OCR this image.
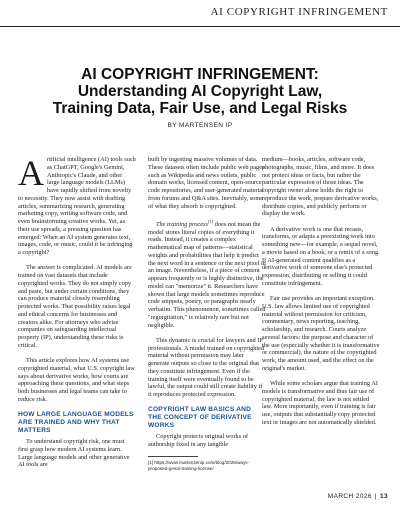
AI COPYRIGHT INFRINGEMENT
AI COPYRIGHT INFRINGEMENT:
Understanding AI Copyright Law,
Training Data, Fair Use, and Legal Risks
BY MARTENSEN IP

A rtificial intelligence (AI) tools such as ChatGPT, Google's Gemini, Anthropic's Claude, and other large language models (LLMs) have rapidly shifted from novelty to necessity. They now assist with drafting articles, summarizing research, generating marketing copy, writing software code, and even brainstorming creative works. Yet, as their use spreads, a pressing question has emerged: When an AI system generates text, images, code, or music, could it be infringing a copyright?

The answer is complicated. AI models are trained on vast datasets that include copyrighted works. They do not simply copy and paste, but under certain conditions, they can produce material closely resembling protected works. That possibility raises legal and ethical concerns for businesses and creators alike. For attorneys who advise companies on safeguarding intellectual property (IP), understanding these risks is critical.

This article explores how AI systems use copyrighted material, what U.S. copyright law says about derivative works, how courts are approaching these questions, and what steps both businesses and legal teams can take to reduce risk.

HOW LARGE LANGUAGE MODELS ARE TRAINED AND WHY THAT MATTERS

To understand copyright risk, one must first grasp how modern AI systems learn. Large language models and other generative AI tools are

built by ingesting massive volumes of data. These datasets often include public web pages such as Wikipedia and news outlets, public domain works, licensed content, open-source code repositories, and user-generated material from forums and Q&A sites. Inevitably, some of what they absorb is copyrighted.

The training process[1] does not mean the model stores literal copies of everything it reads. Instead, it creates a complex mathematical map of patterns—statistical weights and probabilities that help it predict the next word in a sentence or the next pixel in an image. Nevertheless, if a piece of content appears frequently or is highly distinctive, the model can "memorize" it. Researchers have shown that large models sometimes reproduce code snippets, poetry, or paragraphs nearly verbatim. This phenomenon, sometimes called "regurgitation," is relatively rare but not negligible.

This dynamic is crucial for lawyers and IP professionals. A model trained on copyrighted material without permission may later generate outputs so close to the original that they constitute infringement. Even if the training itself were eventually found to be lawful, the output could still create liability if it reproduces protected expression.

COPYRIGHT LAW BASICS AND THE CONCEPT OF DERIVATIVE WORKS

Copyright protects original works of authorship fixed in any tangible

[1] https://www.martensenip.com/blog/2025/ways-proposed-genai-training-license/

medium—books, articles, software code, photographs, music, films, and more. It does not protect ideas or facts, but rather the particular expression of those ideas. The copyright owner alone holds the right to reproduce the work, prepare derivative works, distribute copies, and publicly perform or display the work.

A derivative work is one that recasts, transforms, or adapts a preexisting work into something new—for example, a sequel novel, a movie based on a book, or a remix of a song. If AI-generated content qualifies as a derivative work of someone else's protected expression, distributing or selling it could constitute infringement.

Fair use provides an important exception. U.S. law allows limited use of copyrighted material without permission for criticism, commentary, news reporting, teaching, scholarship, and research. Courts analyze several factors: the purpose and character of the use (especially whether it is transformative or commercial), the nature of the copyrighted work, the amount used, and the effect on the original's market.

While some scholars argue that training AI models is transformative and thus fair use of copyrighted material, the law is not settled law. More importantly, even if training is fair use, outputs that substantially copy protected text or images are not automatically shielded.

MARCH 2026 | 13
